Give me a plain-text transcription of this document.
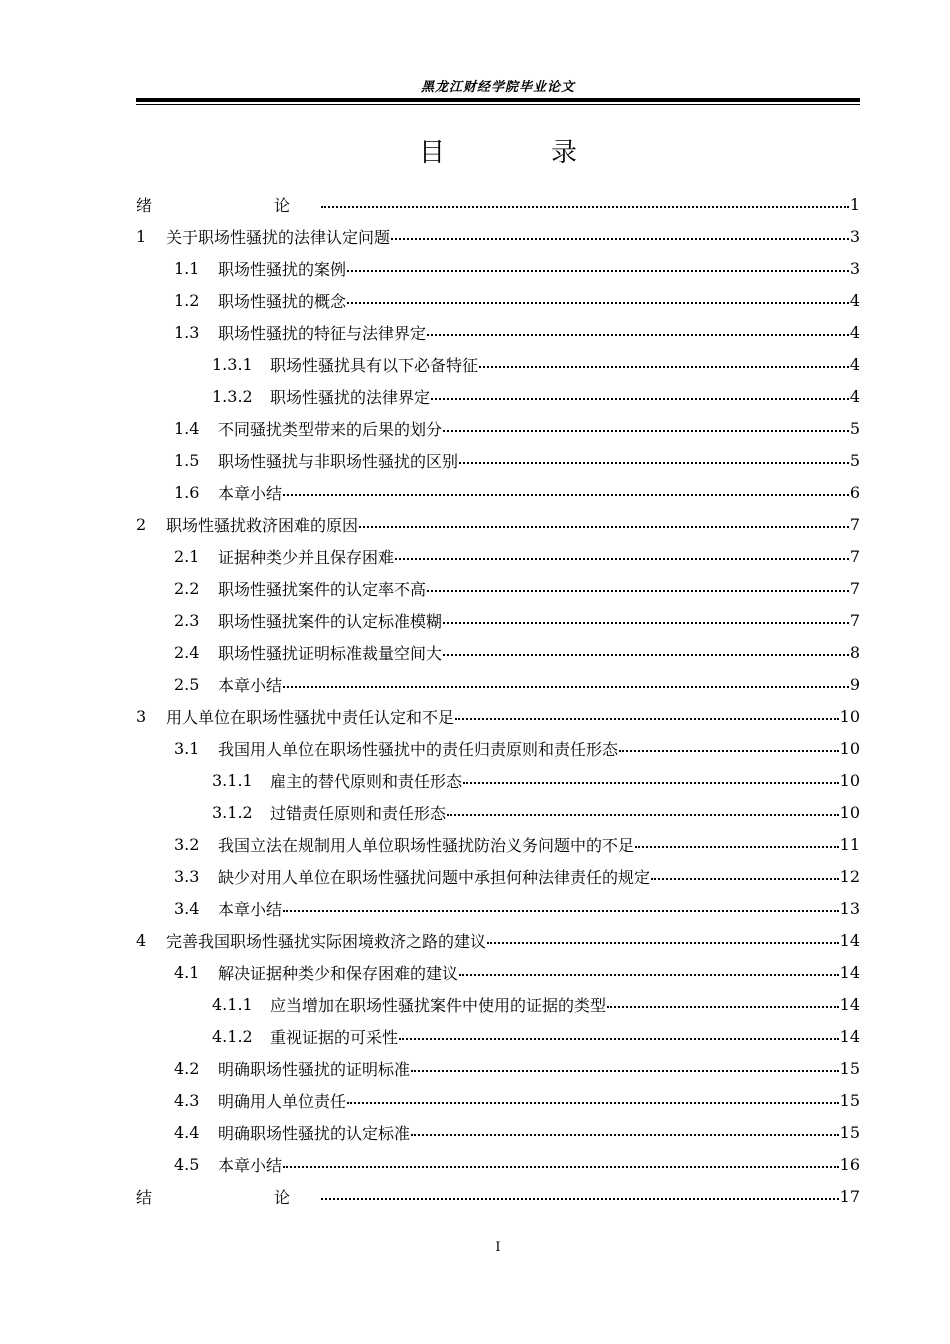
黑龙江财经学院毕业论文
目　录
绪　　论	1
1	关于职场性骚扰的法律认定问题	3
1.1	职场性骚扰的案例	3
1.2	职场性骚扰的概念	4
1.3	职场性骚扰的特征与法律界定	4
1.3.1	职场性骚扰具有以下必备特征	4
1.3.2	职场性骚扰的法律界定	4
1.4	不同骚扰类型带来的后果的划分	5
1.5	职场性骚扰与非职场性骚扰的区别	5
1.6	本章小结	6
2	职场性骚扰救济困难的原因	7
2.1	证据种类少并且保存困难	7
2.2	职场性骚扰案件的认定率不高	7
2.3	职场性骚扰案件的认定标准模糊	7
2.4	职场性骚扰证明标准裁量空间大	8
2.5	本章小结	9
3	用人单位在职场性骚扰中责任认定和不足	10
3.1	我国用人单位在职场性骚扰中的责任归责原则和责任形态	10
3.1.1	雇主的替代原则和责任形态	10
3.1.2	过错责任原则和责任形态	10
3.2	我国立法在规制用人单位职场性骚扰防治义务问题中的不足	11
3.3	缺少对用人单位在职场性骚扰问题中承担何种法律责任的规定	12
3.4	本章小结	13
4	完善我国职场性骚扰实际困境救济之路的建议	14
4.1	解决证据种类少和保存困难的建议	14
4.1.1	应当增加在职场性骚扰案件中使用的证据的类型	14
4.1.2	重视证据的可采性	14
4.2	明确职场性骚扰的证明标准	15
4.3	明确用人单位责任	15
4.4	明确职场性骚扰的认定标准	15
4.5	本章小结	16
结　　论	17
I
